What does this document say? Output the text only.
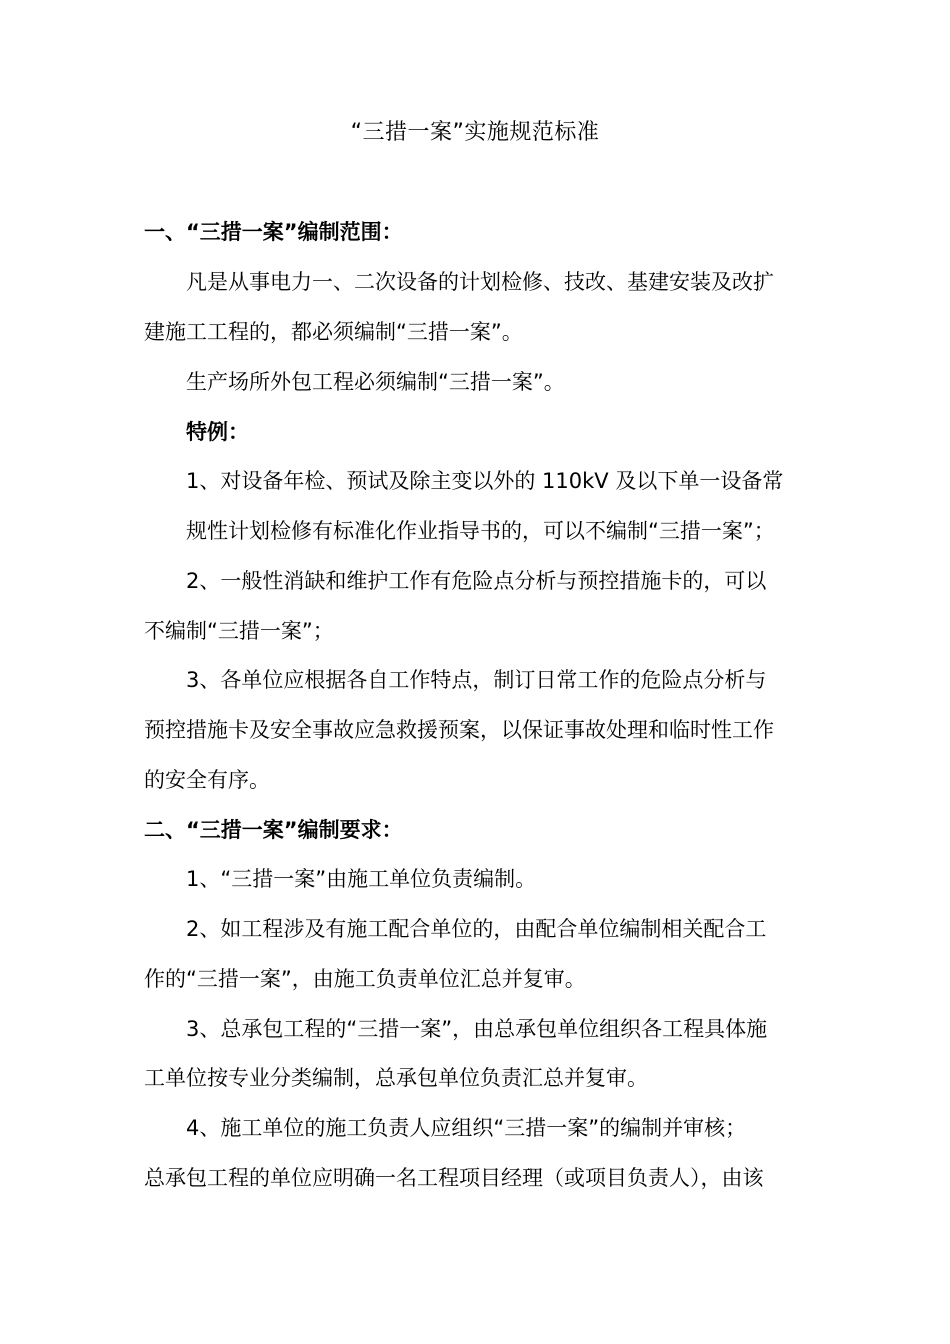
“三措一案”实施规范标准
一、“三措一案”编制范围：
凡是从事电力一、二次设备的计划检修、技改、基建安装及改扩
建施工工程的，都必须编制“三措一案”。
生产场所外包工程必须编制“三措一案”。
特例：
1、对设备年检、预试及除主变以外的 110kV 及以下单一设备常
规性计划检修有标准化作业指导书的，可以不编制“三措一案”；
2、一般性消缺和维护工作有危险点分析与预控措施卡的，可以
不编制“三措一案”；
3、各单位应根据各自工作特点，制订日常工作的危险点分析与
预控措施卡及安全事故应急救援预案，以保证事故处理和临时性工作
的安全有序。
二、“三措一案”编制要求：
1、“三措一案”由施工单位负责编制。
2、如工程涉及有施工配合单位的，由配合单位编制相关配合工
作的“三措一案”，由施工负责单位汇总并复审。
3、总承包工程的“三措一案”，由总承包单位组织各工程具体施
工单位按专业分类编制，总承包单位负责汇总并复审。
4、施工单位的施工负责人应组织“三措一案”的编制并审核；
总承包工程的单位应明确一名工程项目经理（或项目负责人），由该
